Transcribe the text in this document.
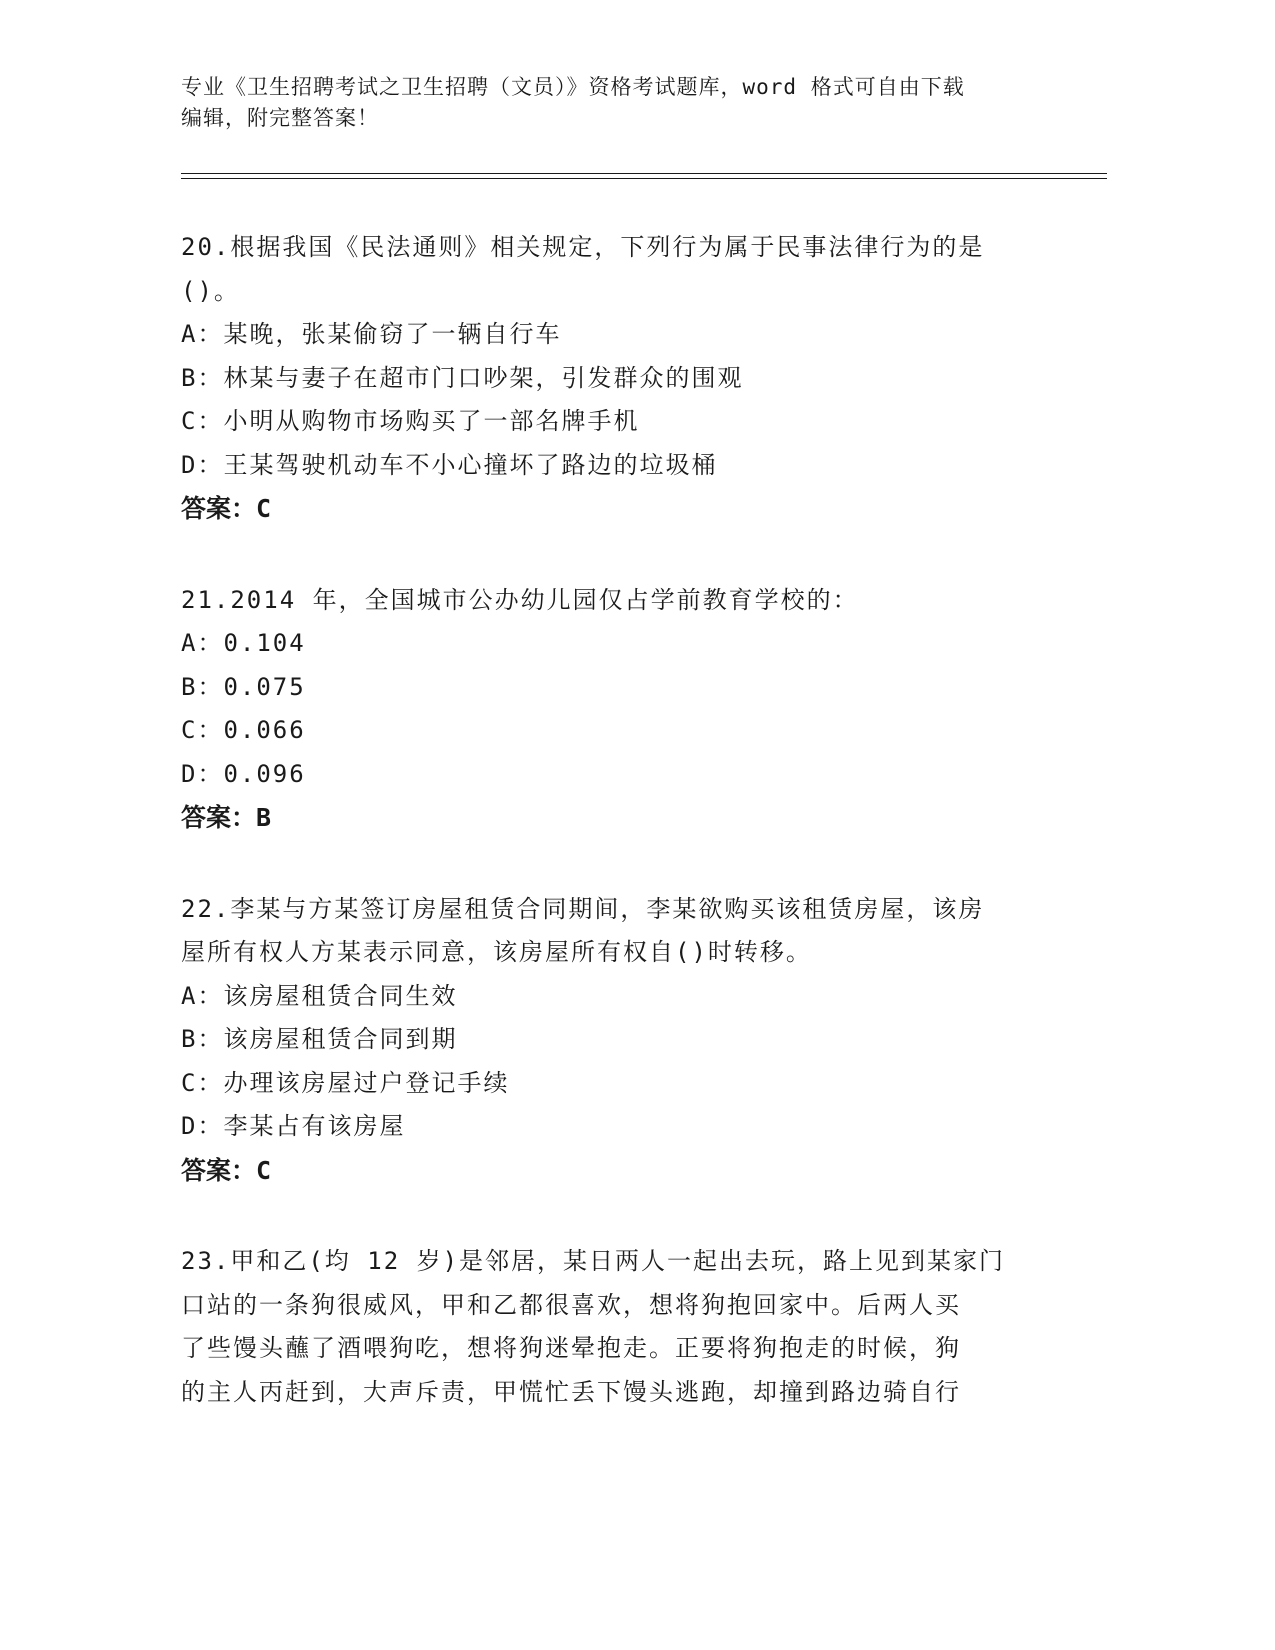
专业《卫生招聘考试之卫生招聘（文员）》资格考试题库，word 格式可自由下载
编辑，附完整答案！
20.根据我国《民法通则》相关规定，下列行为属于民事法律行为的是
()。
A：某晚，张某偷窃了一辆自行车
B：林某与妻子在超市门口吵架，引发群众的围观
C：小明从购物市场购买了一部名牌手机
D：王某驾驶机动车不小心撞坏了路边的垃圾桶
答案：C
21.2014 年，全国城市公办幼儿园仅占学前教育学校的：
A：0.104
B：0.075
C：0.066
D：0.096
答案：B
22.李某与方某签订房屋租赁合同期间，李某欲购买该租赁房屋，该房
屋所有权人方某表示同意，该房屋所有权自()时转移。
A：该房屋租赁合同生效
B：该房屋租赁合同到期
C：办理该房屋过户登记手续
D：李某占有该房屋
答案：C
23.甲和乙(均 12 岁)是邻居，某日两人一起出去玩，路上见到某家门
口站的一条狗很威风，甲和乙都很喜欢，想将狗抱回家中。后两人买
了些馒头蘸了酒喂狗吃，想将狗迷晕抱走。正要将狗抱走的时候，狗
的主人丙赶到，大声斥责，甲慌忙丢下馒头逃跑，却撞到路边骑自行
